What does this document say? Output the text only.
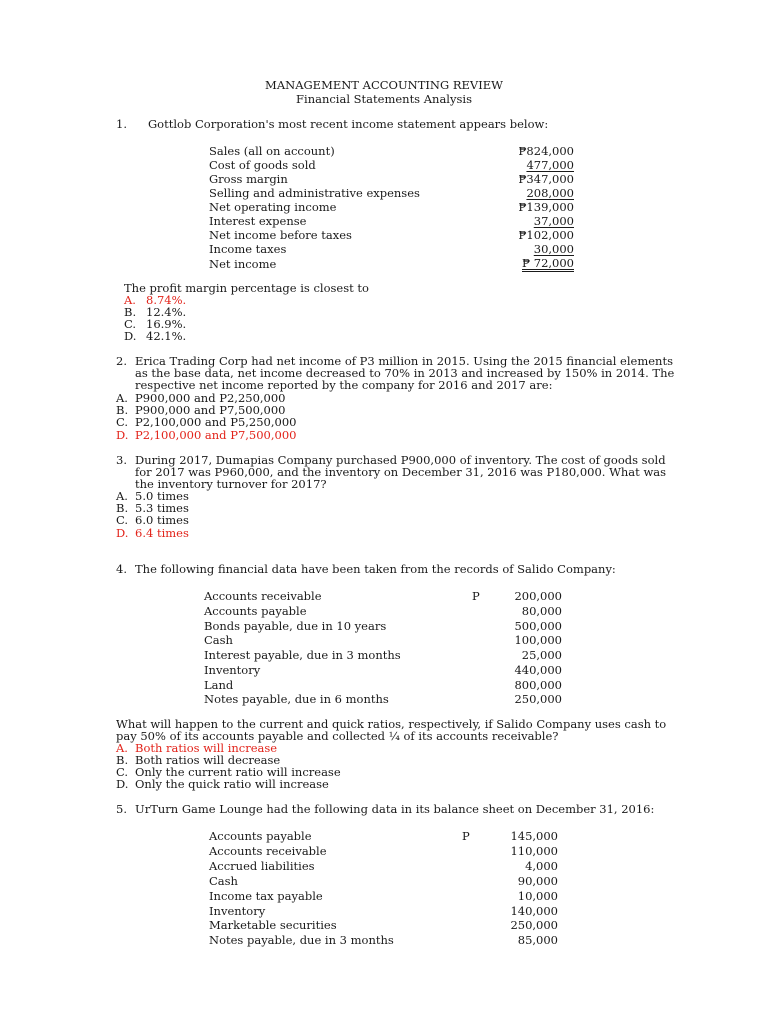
MANAGEMENT ACCOUNTING REVIEW
Financial Statements Analysis
1. Gottlob Corporation's most recent income statement appears below:
Sales (all on account)	₱824,000
Cost of goods sold	477,000
Gross margin	₱347,000
Selling and administrative expenses	208,000
Net operating income	₱139,000
Interest expense	37,000
Net income before taxes	₱102,000
Income taxes	30,000
Net income	₱ 72,000
The profit margin percentage is closest to
A. 8.74%.
B. 12.4%.
C. 16.9%.
D. 42.1%.
2. Erica Trading Corp had net income of P3 million in 2015. Using the 2015 financial elements
as the base data, net income decreased to 70% in 2013 and increased by 150% in 2014. The
respective net income reported by the company for 2016 and 2017 are:
A. P900,000 and P2,250,000
B. P900,000 and P7,500,000
C. P2,100,000 and P5,250,000
D. P2,100,000 and P7,500,000
3. During 2017, Dumapias Company purchased P900,000 of inventory. The cost of goods sold
for 2017 was P960,000, and the inventory on December 31, 2016 was P180,000. What was
the inventory turnover for 2017?
A. 5.0 times
B. 5.3 times
C. 6.0 times
D. 6.4 times
4. The following financial data have been taken from the records of Salido Company:
P
Accounts receivable	200,000
Accounts payable	80,000
Bonds payable, due in 10 years	500,000
Cash	100,000
Interest payable, due in 3 months	25,000
Inventory	440,000
Land	800,000
Notes payable, due in 6 months	250,000
What will happen to the current and quick ratios, respectively, if Salido Company uses cash to
pay 50% of its accounts payable and collected ¼ of its accounts receivable?
A. Both ratios will increase
B. Both ratios will decrease
C. Only the current ratio will increase
D. Only the quick ratio will increase
5. UrTurn Game Lounge had the following data in its balance sheet on December 31, 2016:
P
Accounts payable	145,000
Accounts receivable	110,000
Accrued liabilities	4,000
Cash	90,000
Income tax payable	10,000
Inventory	140,000
Marketable securities	250,000
Notes payable, due in 3 months	85,000
